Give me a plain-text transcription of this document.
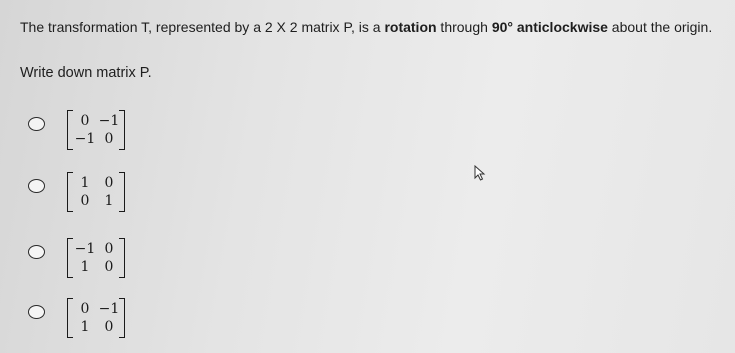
The transformation T, represented by a 2 X 2 matrix P, is a rotation through 90° anticlockwise about the origin.
Write down matrix P.
0 −1
−1 0
1 0
0 1
−1 0
1 0
0 −1
1 0
